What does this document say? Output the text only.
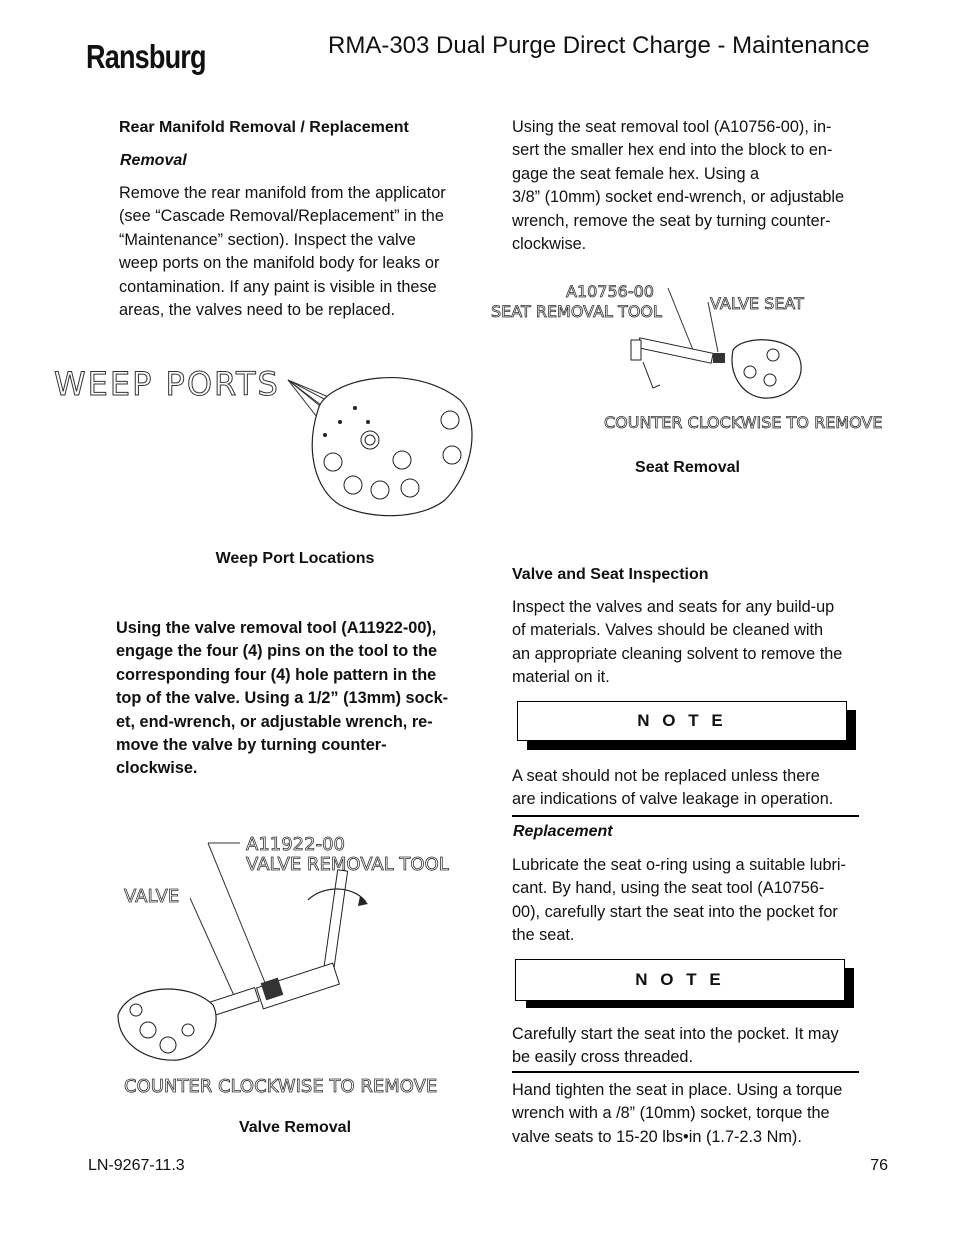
Ransburg	RMA-303 Dual Purge Direct Charge - Maintenance
Rear Manifold Removal / Replacement
Removal
Remove the rear manifold from the applicator
(see “Cascade Removal/Replacement” in the
“Maintenance” section). Inspect the valve
weep ports on the manifold body for leaks or
contamination. If any paint is visible in these
areas, the valves need to be replaced.
WEEP PORTS
Weep Port Locations
Using the valve removal tool (A11922-00),
engage the four (4) pins on the tool to the
corresponding four (4) hole pattern in the
top of the valve. Using a 1/2” (13mm) sock-
et, end-wrench, or adjustable wrench, re-
move the valve by turning counter-
clockwise.
A11922-00
VALVE REMOVAL TOOL
VALVE
COUNTER CLOCKWISE TO REMOVE
Valve Removal
Using the seat removal tool (A10756-00), in-
sert the smaller hex end into the block to en-
gage the seat female hex. Using a
3/8” (10mm) socket end-wrench, or adjustable
wrench, remove the seat by turning counter-
clockwise.
A10756-00
SEAT REMOVAL TOOL	VALVE SEAT
COUNTER CLOCKWISE TO REMOVE
Seat Removal
Valve and Seat Inspection
Inspect the valves and seats for any build-up
of materials. Valves should be cleaned with
an appropriate cleaning solvent to remove the
material on it.
N O T E
A seat should not be replaced unless there
are indications of valve leakage in operation.
Replacement
Lubricate the seat o-ring using a suitable lubri-
cant. By hand, using the seat tool (A10756-
00), carefully start the seat into the pocket for
the seat.
N O T E
Carefully start the seat into the pocket. It may
be easily cross threaded.
Hand tighten the seat in place. Using a torque
wrench with a /8” (10mm) socket, torque the
valve seats to 15-20 lbs•in (1.7-2.3 Nm).
LN-9267-11.3	76
